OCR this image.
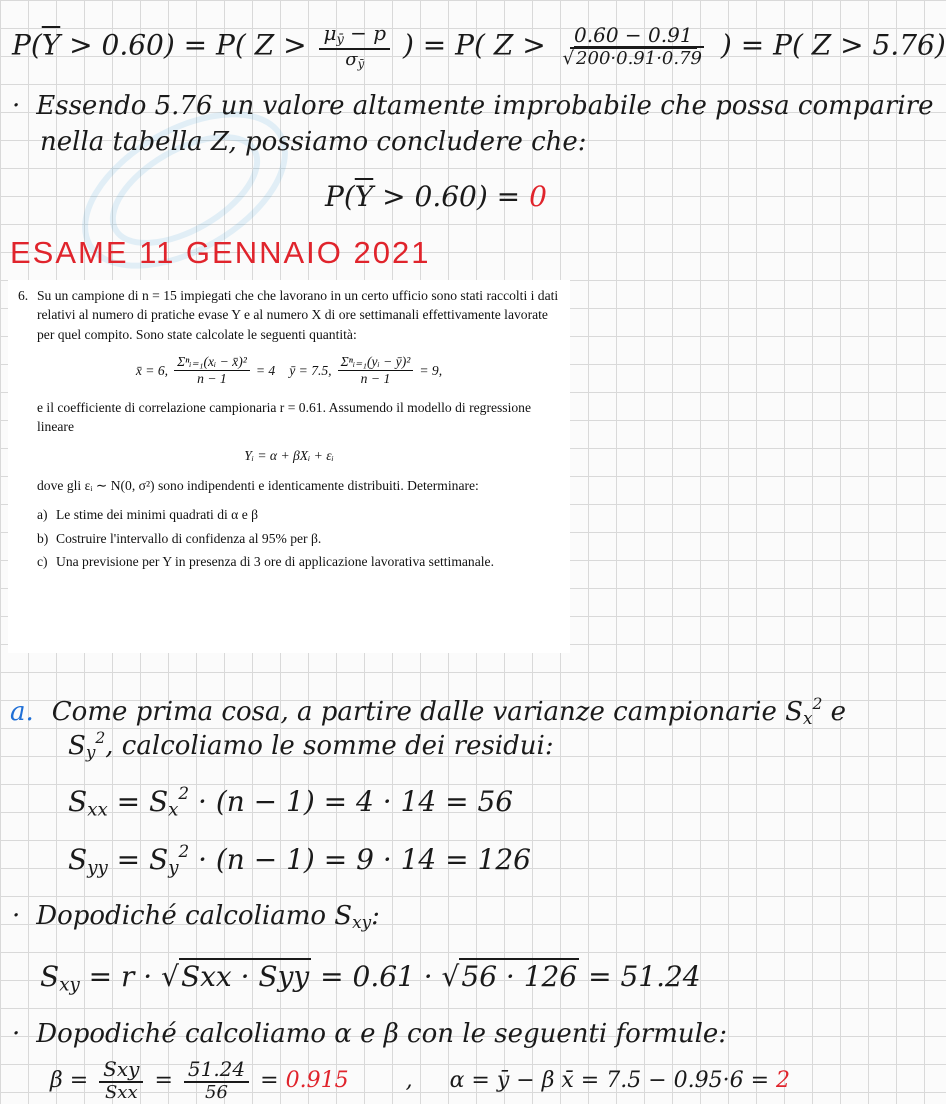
$P(\overline{Y} > 0.60) = P$( $Z > \frac{\mu_ȳ - p}{\sigma_ȳ}$ ) = P( $Z > \frac{0.60 - 0.91}{√ 200\cdot 0.91\cdot 0.79}$ ) = P( Z > 5.76)
· Essendo 5.76 un valore altamente improbabile che possa comparire
nella tabella Z, possiamo concludere che:
$P(\overline{Y} > 0.60) = 0$
ESAME 11 GENNAIO 2021

6. Su un campione di n = 15 impiegati che che lavorano in un certo ufficio sono stati raccolti i dati relativi al numero di pratiche evase Y e al numero X di ore settimanali effettivamente lavorate per quel compito. Sono state calcolate le seguenti quantità:

x̄ = 6, $\frac{\text{Σⁿᵢ₌₁(xᵢ − x̄)²}}{n - 1} = 4$ ȳ = 7.5, $\frac{\text{Σⁿᵢ₌₁(yᵢ − ȳ)²}}{n - 1} = 9$,

e il coefficiente di correlazione campionaria r = 0.61. Assumendo il modello di regressione lineare

Yᵢ = α + βXᵢ + εᵢ

dove gli εᵢ ∼ N(0, σ²) sono indipendenti e identicamente distribuiti. Determinare:

a) Le stime dei minimi quadrati di α e β
b) Costruire l'intervallo di confidenza al 95% per β.
c) Una previsione per Y in presenza di 3 ore di applicazione lavorativa settimanale.
a. Come prima cosa, a partire dalle varianze campionarie $S_x^2$ e
$S_y^2$, calcoliamo le somme dei residui:
$S_{xx} = S_x^2 \cdot (n - 1) = 4 \cdot 14 = 56$
$S_{yy} = S_y^2 \cdot (n - 1) = 9 \cdot 14 = 126$
· Dopodiché calcoliamo $S_{xy}$:
$S_{xy} = r \cdot √Sxx$ · Syy = 0.61 · √56 · 126 = 51.24
· Dopodiché calcoliamo α e β con le seguenti formule:
$\beta = \frac{\text{Sxy}}{\text{Sxx}} = \frac{51.24}{56} = 0.915$	, α = ȳ − β x̄ = 7.5 − 0.95·6 = 2
